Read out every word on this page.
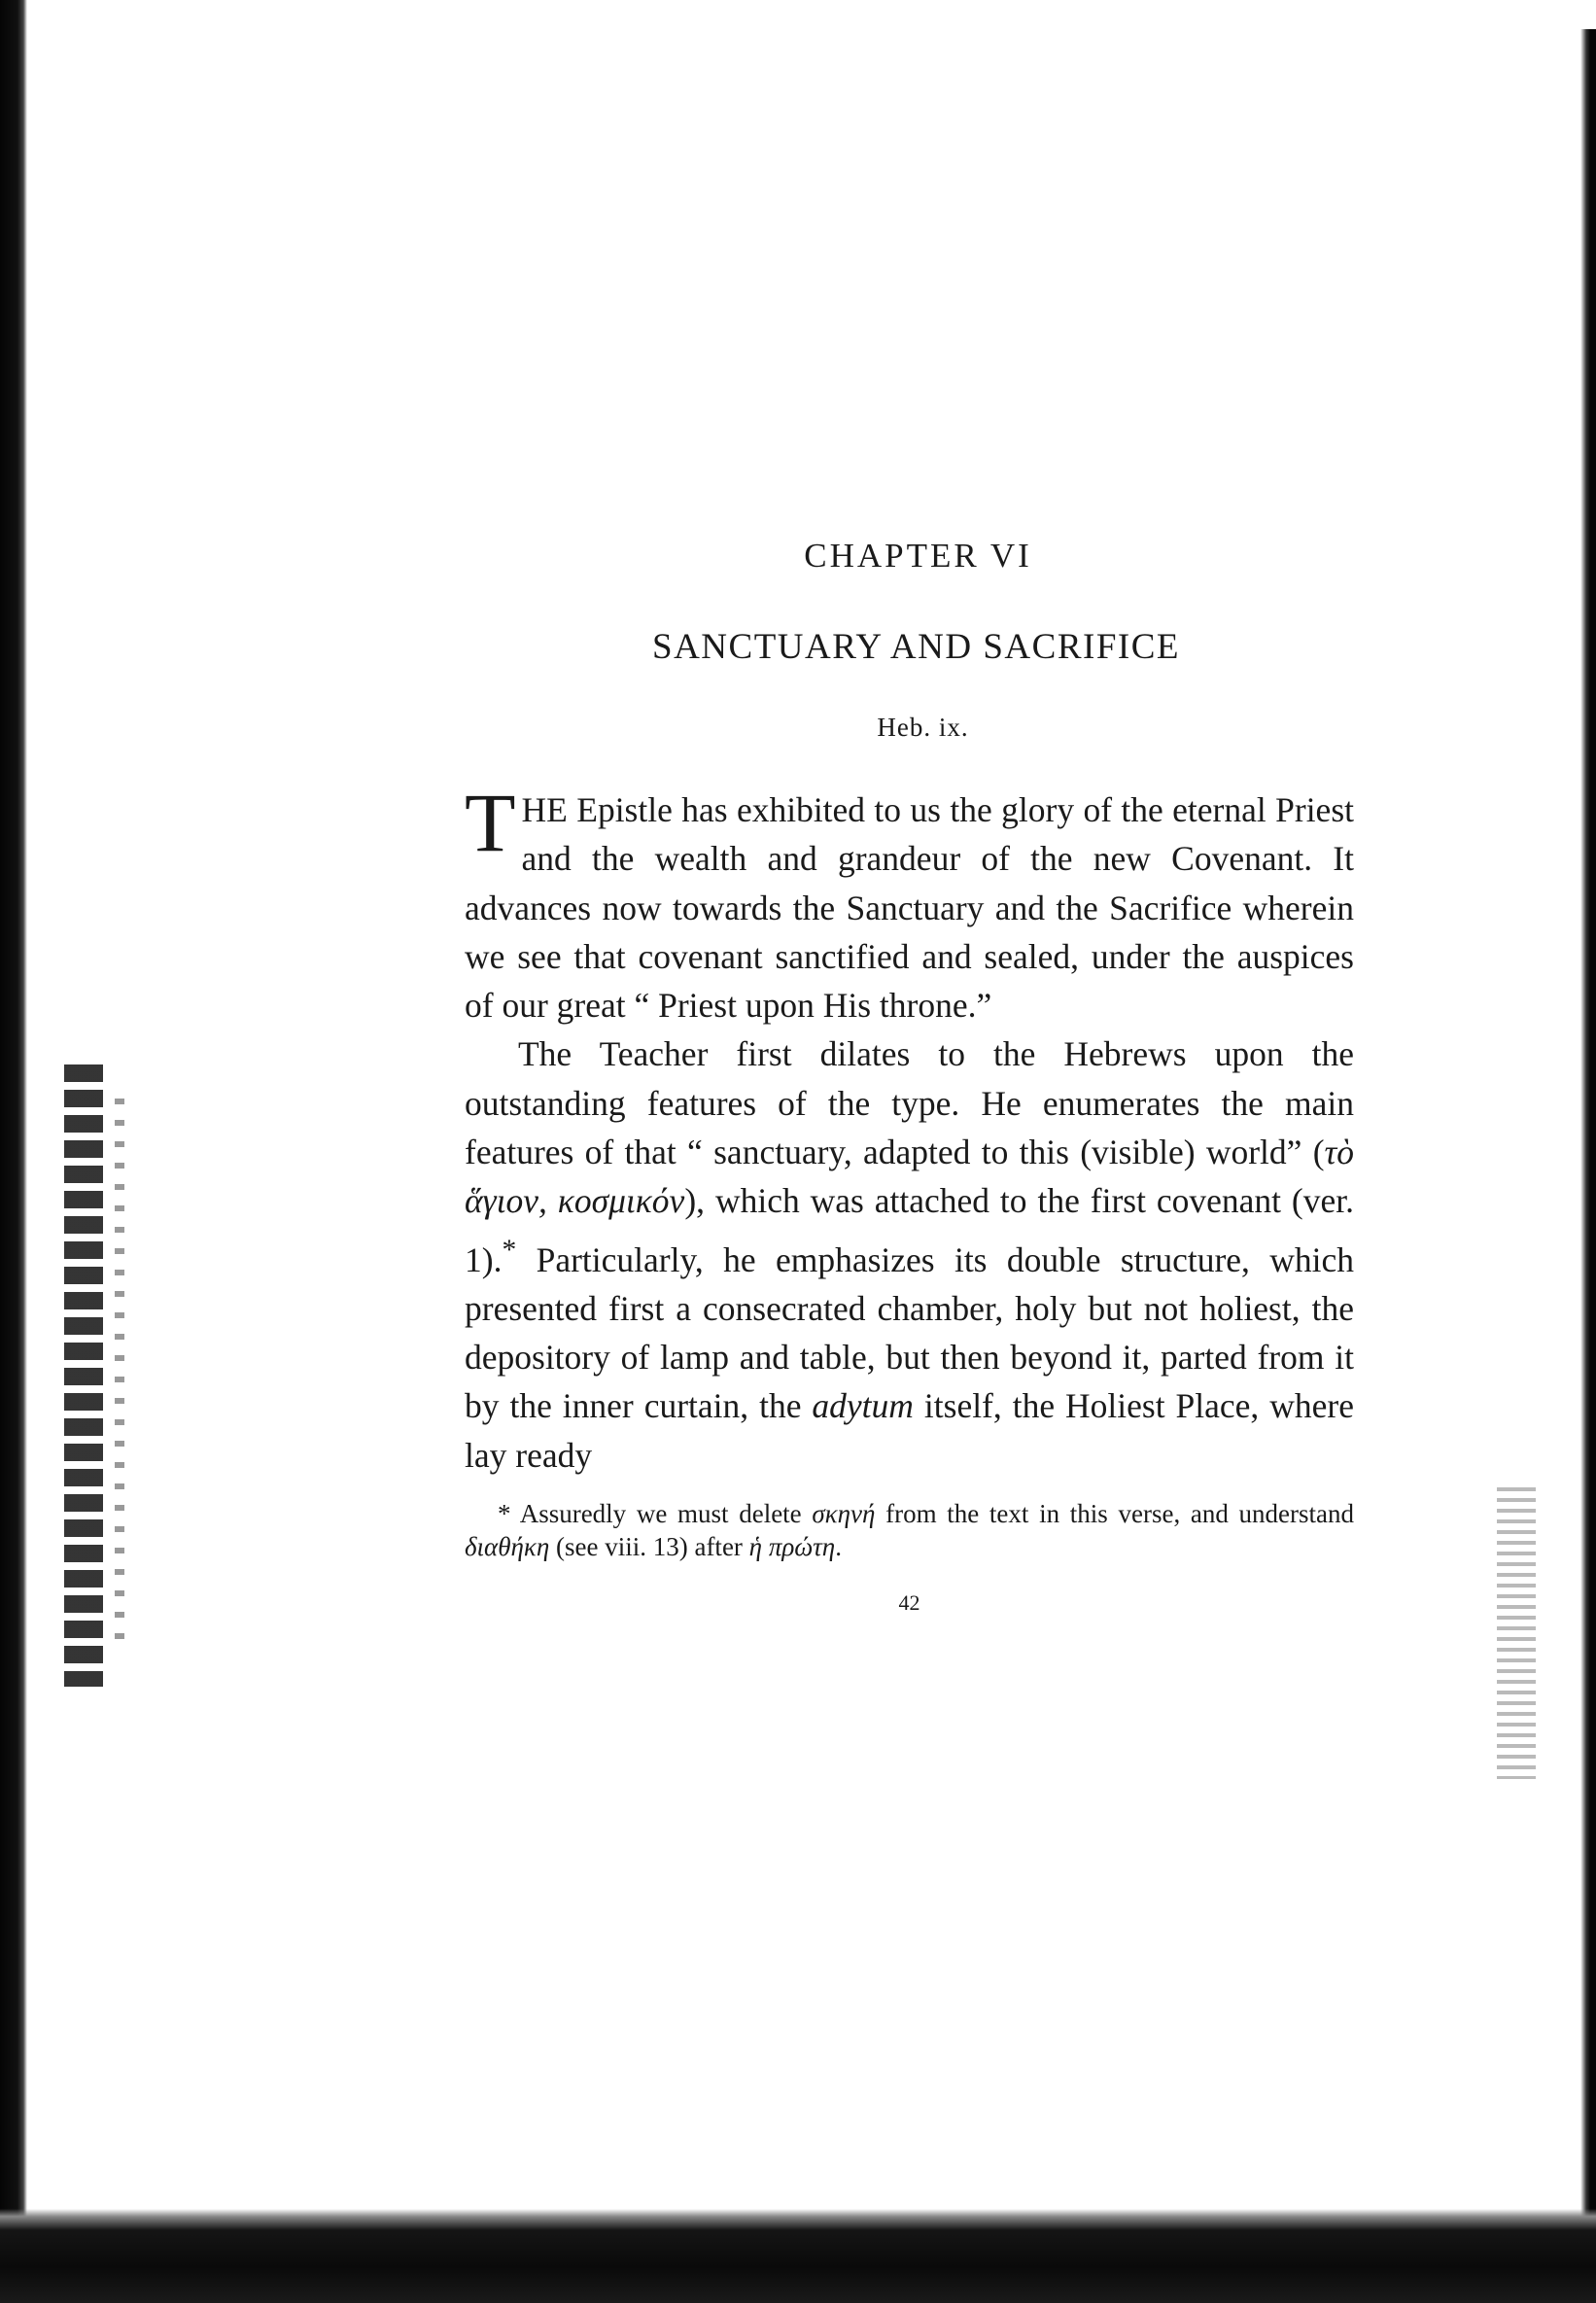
CHAPTER VI

SANCTUARY AND SACRIFICE

Heb. ix.

THE Epistle has exhibited to us the glory of the eternal Priest and the wealth and grandeur of the new Covenant. It advances now towards the Sanctuary and the Sacrifice wherein we see that covenant sanctified and sealed, under the auspices of our great “ Priest upon His throne.”

The Teacher first dilates to the Hebrews upon the outstanding features of the type. He enumerates the main features of that “ sanctuary, adapted to this (visible) world” (τὸ ἅγιον, κοσμικόν), which was attached to the first covenant (ver. 1).* Particularly, he emphasizes its double structure, which presented first a consecrated chamber, holy but not holiest, the depository of lamp and table, but then beyond it, parted from it by the inner curtain, the adytum itself, the Holiest Place, where lay ready

* Assuredly we must delete σκηνή from the text in this verse, and understand διαθήκη (see viii. 13) after ἡ πρώτη.

42
